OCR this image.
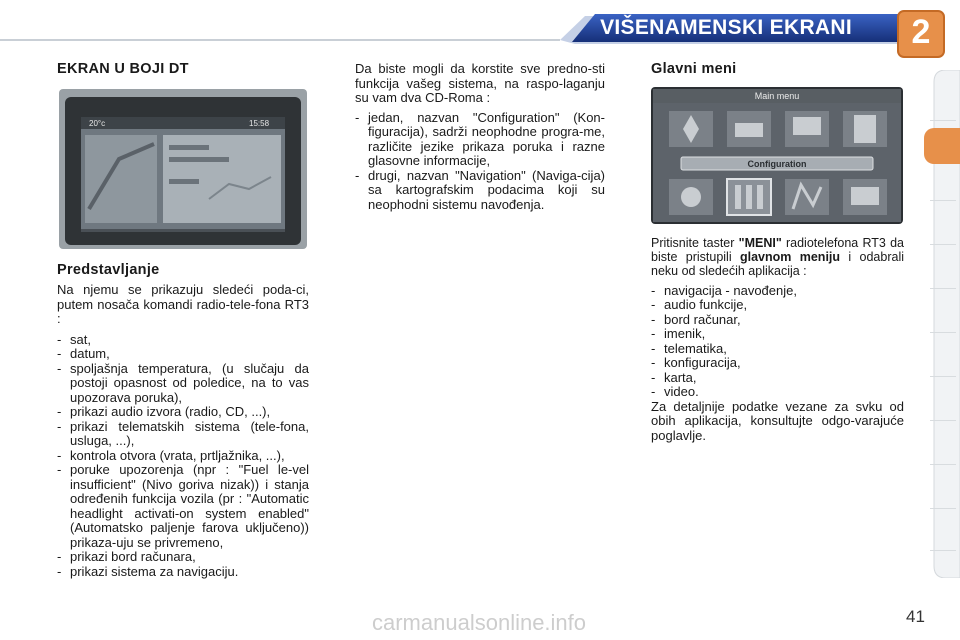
VIŠENAMENSKI EKRANI	2
EKRAN U BOJI DT
20°c	15:58
Predstavljanje

Na njemu se prikazuju sledeći poda-ci, putem nosača komandi radio-tele-fona RT3 :

- sat,
- datum,
- spoljašnja temperatura, (u slučaju da postoji opasnost od poledice, na to vas upozorava poruka),
- prikazi audio izvora (radio, CD, ...),
- prikazi telematskih sistema (tele-fona, usluga, ...),
- kontrola otvora (vrata, prtljažnika, ...),
- poruke upozorenja (npr : "Fuel le-vel insufficient" (Nivo goriva nizak)) i stanja određenih funkcija vozila (pr : "Automatic headlight activati-on system enabled" (Automatsko paljenje farova uključeno)) prikaza-uju se privremeno,
- prikazi bord računara,
- prikazi sistema za navigaciju.

Da biste mogli da korstite sve predno-sti funkcija vašeg sistema, na raspo-laganju su vam dva CD-Roma :

- jedan, nazvan "Configuration" (Kon-figuracija), sadrži neophodne progra-me, različite jezike prikaza poruka i razne glasovne informacije,
- drugi, nazvan "Navigation" (Naviga-cija) sa kartografskim podacima koji su neophodni sistemu navođenja.
Glavni meni
Main menu
Configuration

Pritisnite taster "MENI" radiotelefona RT3 da biste pristupili glavnom meniju i odabrali neku od sledećih aplikacija :

- navigacija - navođenje,
- audio funkcije,
- bord računar,
- imenik,
- telematika,
- konfiguracija,
- karta,
- video.

Za detaljnije podatke vezane za svku od obih aplikacija, konsultujte odgo-varajuće poglavlje.

carmanualsonline.info	41
